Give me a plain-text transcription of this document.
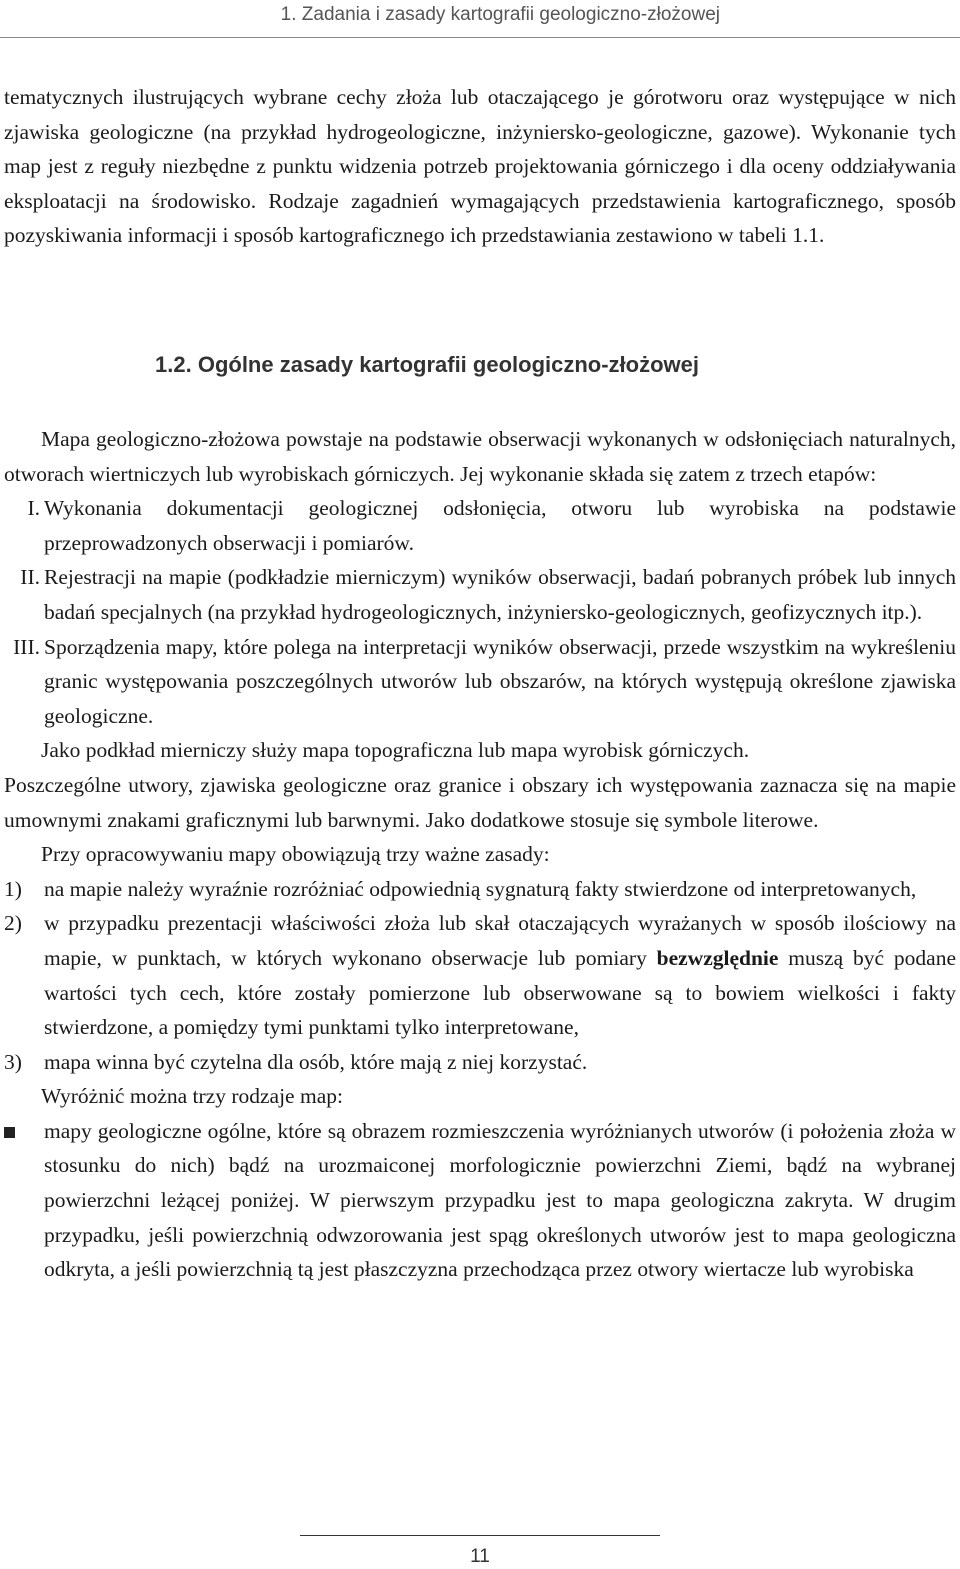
1. Zadania i zasady kartografii geologiczno-złożowej

tematycznych ilustrujących wybrane cechy złoża lub otaczającego je górotworu oraz występujące w nich zjawiska geologiczne (na przykład hydrogeologiczne, inżyniersko-geologiczne, gazowe). Wykonanie tych map jest z reguły niezbędne z punktu widzenia potrzeb projektowania górniczego i dla oceny oddziaływania eksploatacji na środowisko. Rodzaje zagadnień wymagających przedstawienia kartograficznego, sposób pozyskiwania informacji i sposób kartograficznego ich przedstawiania zestawiono w tabeli 1.1.

1.2. Ogólne zasady kartografii geologiczno-złożowej

Mapa geologiczno-złożowa powstaje na podstawie obserwacji wykonanych w odsłonięciach naturalnych, otworach wiertniczych lub wyrobiskach górniczych. Jej wykonanie składa się zatem z trzech etapów:

I. Wykonania dokumentacji geologicznej odsłonięcia, otworu lub wyrobiska na podstawie przeprowadzonych obserwacji i pomiarów.
II. Rejestracji na mapie (podkładzie mierniczym) wyników obserwacji, badań pobranych próbek lub innych badań specjalnych (na przykład hydrogeologicznych, inżyniersko-geologicznych, geofizycznych itp.).
III. Sporządzenia mapy, które polega na interpretacji wyników obserwacji, przede wszystkim na wykreśleniu granic występowania poszczególnych utworów lub obszarów, na których występują określone zjawiska geologiczne.

Jako podkład mierniczy służy mapa topograficzna lub mapa wyrobisk górniczych.

Poszczególne utwory, zjawiska geologiczne oraz granice i obszary ich występowania zaznacza się na mapie umownymi znakami graficznymi lub barwnymi. Jako dodatkowe stosuje się symbole literowe.

Przy opracowywaniu mapy obowiązują trzy ważne zasady:

1)	na mapie należy wyraźnie rozróżniać odpowiednią sygnaturą fakty stwierdzone od interpretowanych,
2)	w przypadku prezentacji właściwości złoża lub skał otaczających wyrażanych w sposób ilościowy na mapie, w punktach, w których wykonano obserwacje lub pomiary bezwzględnie muszą być podane wartości tych cech, które zostały pomierzone lub obserwowane są to bowiem wielkości i fakty stwierdzone, a pomiędzy tymi punktami tylko interpretowane,
3)	mapa winna być czytelna dla osób, które mają z niej korzystać.

Wyróżnić można trzy rodzaje map:

mapy geologiczne ogólne, które są obrazem rozmieszczenia wyróżnianych utworów (i położenia złoża w stosunku do nich) bądź na urozmaiconej morfologicznie powierzchni Ziemi, bądź na wybranej powierzchni leżącej poniżej. W pierwszym przypadku jest to mapa geologiczna zakryta. W drugim przypadku, jeśli powierzchnią odwzorowania jest spąg określonych utworów jest to mapa geologiczna odkryta, a jeśli powierzchnią tą jest płaszczyzna przechodząca przez otwory wiertacze lub wyrobiska
11
